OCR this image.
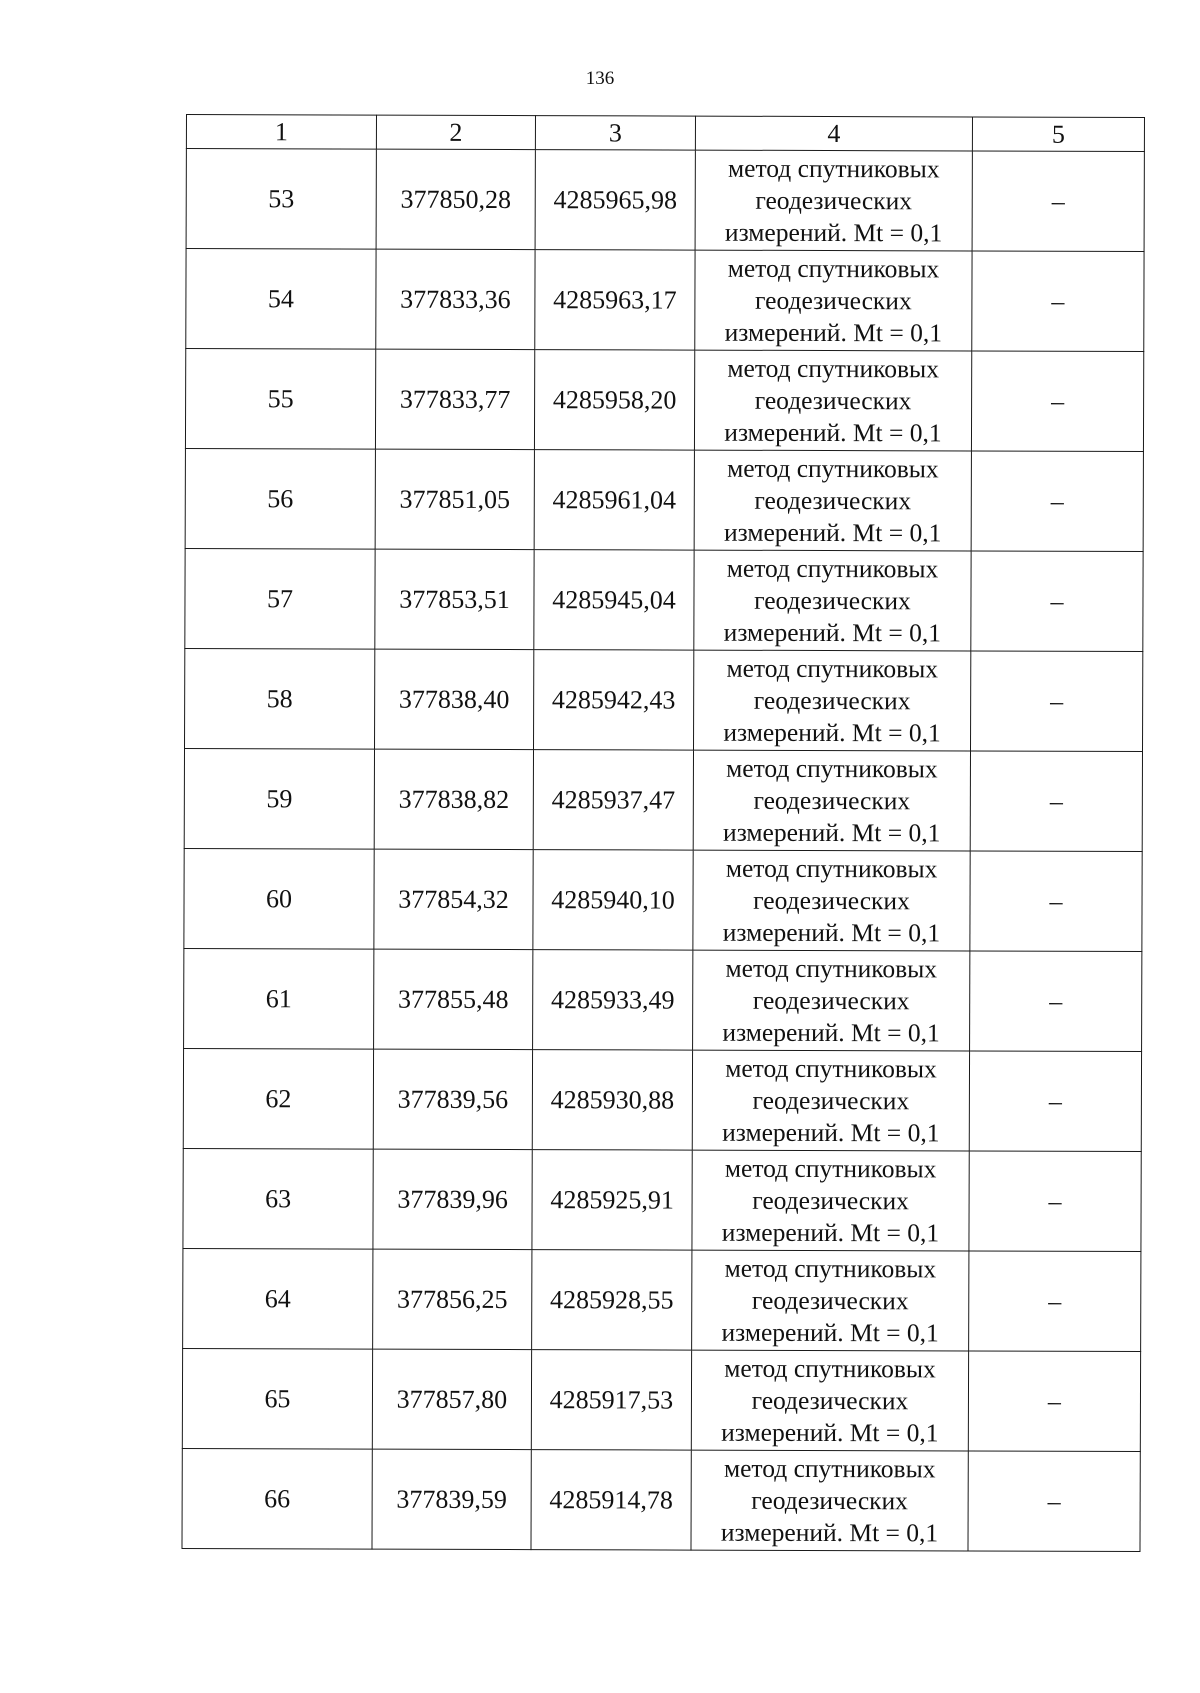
136
1	2	3	4	5
53	377850,28	4285965,98	метод спутниковых
геодезических
измерений. Mt = 0,1	–
54	377833,36	4285963,17	метод спутниковых
геодезических
измерений. Mt = 0,1	–
55	377833,77	4285958,20	метод спутниковых
геодезических
измерений. Mt = 0,1	–
56	377851,05	4285961,04	метод спутниковых
геодезических
измерений. Mt = 0,1	–
57	377853,51	4285945,04	метод спутниковых
геодезических
измерений. Mt = 0,1	–
58	377838,40	4285942,43	метод спутниковых
геодезических
измерений. Mt = 0,1	–
59	377838,82	4285937,47	метод спутниковых
геодезических
измерений. Mt = 0,1	–
60	377854,32	4285940,10	метод спутниковых
геодезических
измерений. Mt = 0,1	–
61	377855,48	4285933,49	метод спутниковых
геодезических
измерений. Mt = 0,1	–
62	377839,56	4285930,88	метод спутниковых
геодезических
измерений. Mt = 0,1	–
63	377839,96	4285925,91	метод спутниковых
геодезических
измерений. Mt = 0,1	–
64	377856,25	4285928,55	метод спутниковых
геодезических
измерений. Mt = 0,1	–
65	377857,80	4285917,53	метод спутниковых
геодезических
измерений. Mt = 0,1	–
66	377839,59	4285914,78	метод спутниковых
геодезических
измерений. Mt = 0,1	–
